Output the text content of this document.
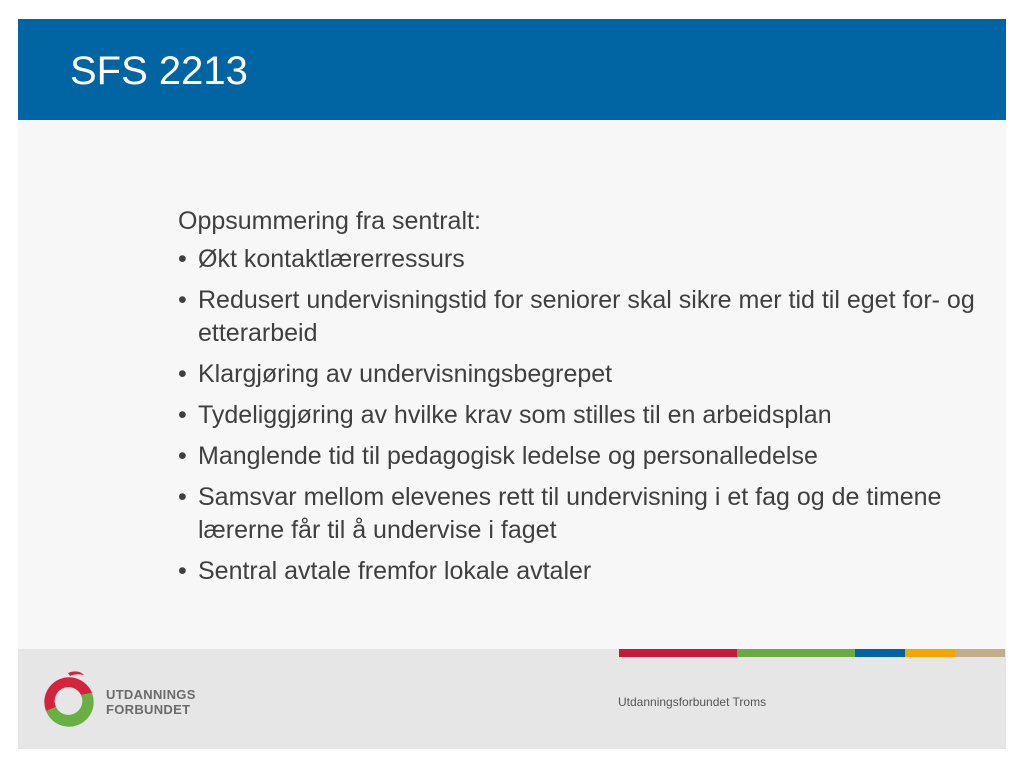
SFS 2213

Oppsummering fra sentralt:

• Økt kontaktlærerressurs
• Redusert undervisningstid for seniorer skal sikre mer tid til eget for- og etterarbeid
• Klargjøring av undervisningsbegrepet
• Tydeliggjøring av hvilke krav som stilles til en arbeidsplan
• Manglende tid til pedagogisk ledelse og personalledelse
• Samsvar mellom elevenes rett til undervisning i et fag og de timene lærerne får til å undervise i faget
• Sentral avtale fremfor lokale avtaler
UTDANNINGS
FORBUNDET	Utdanningsforbundet Troms
